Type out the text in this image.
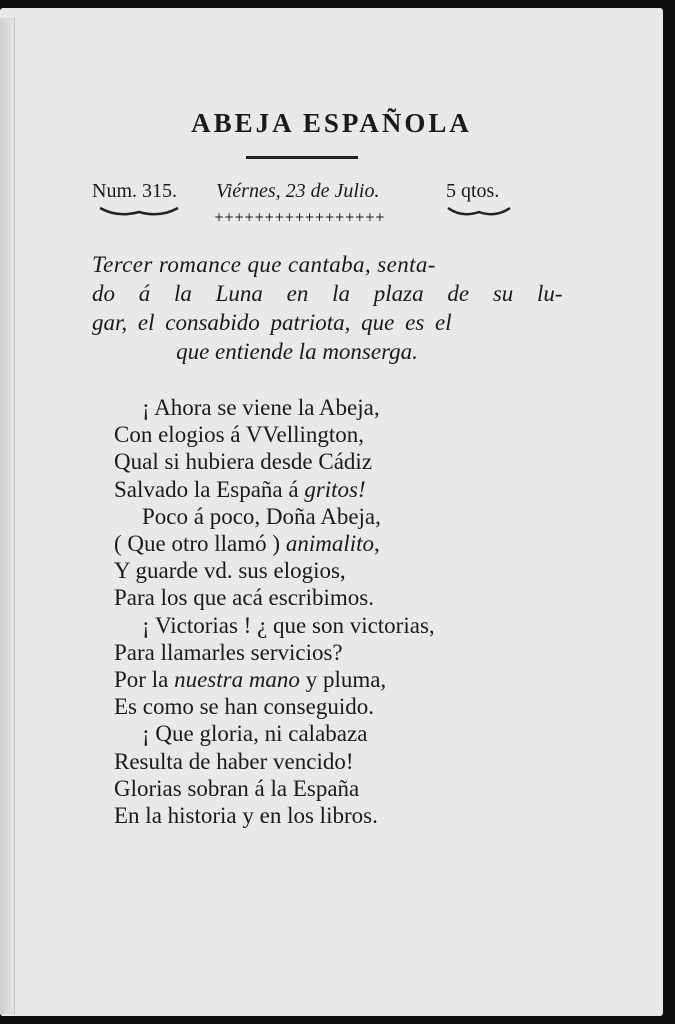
ABEJA ESPAÑOLA
Num. 315. Viérnes, 23 de Julio.	5 qtos.
+++++++++++++++++
Tercer romance que cantaba, senta-
do á la Luna en la plaza de su lu-
gar, el consabido patriota, que es el
que entiende la monserga.
¡ Ahora se viene la Abeja,
Con elogios á VVellington,
Qual si hubiera desde Cádiz
Salvado la España á gritos!
Poco á poco, Doña Abeja,
( Que otro llamó ) animalito,
Y guarde vd. sus elogios,
Para los que acá escribimos.
¡ Victorias ! ¿ que son victorias,
Para llamarles servicios?
Por la nuestra mano y pluma,
Es como se han conseguido.
¡ Que gloria, ni calabaza
Resulta de haber vencido!
Glorias sobran á la España
En la historia y en los libros.
